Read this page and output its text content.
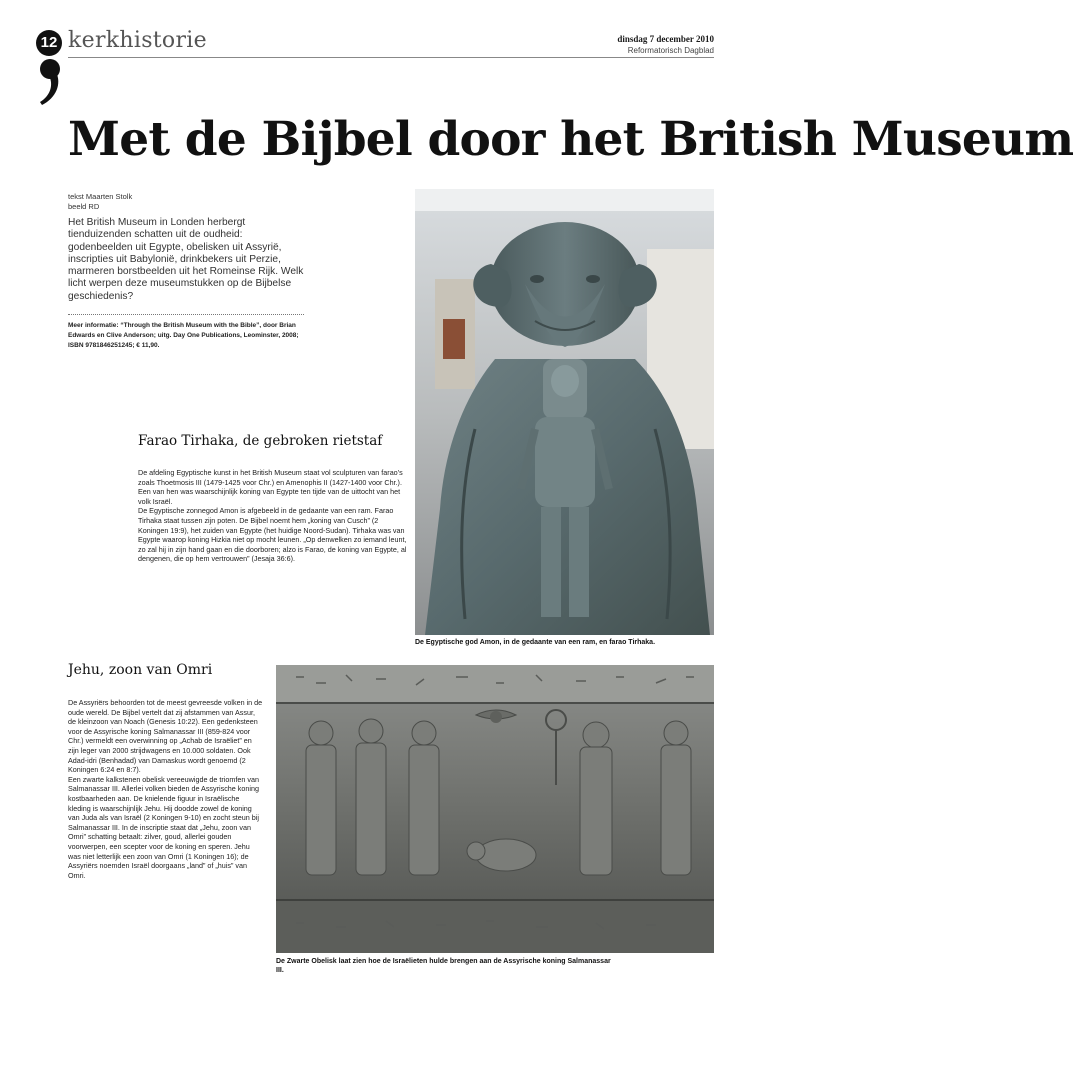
12 kerkhistorie	dinsdag 7 december 2010
Reformatorisch Dagblad
Met de Bijbel door het British Museum
tekst Maarten Stolk
beeld RD
Het British Museum in Londen herbergt tienduizenden schatten uit de oudheid: godenbeelden uit Egypte, obelisken uit Assyrië, inscripties uit Babylonië, drinkbekers uit Perzie, marmeren borstbeelden uit het Romeinse Rijk. Welk licht werpen deze museumstukken op de Bijbelse geschiedenis?
Meer informatie: “Through the British Museum with the Bible”, door Brian Edwards en Clive Anderson; uitg. Day One Publications, Leominster, 2008; ISBN 9781846251245; € 11,90.
De Egyptische god Amon, in de gedaante van een ram, en farao Tirhaka.
Farao Tirhaka, de gebroken rietstaf

De afdeling Egyptische kunst in het British Museum staat vol sculpturen van farao’s zoals Thoetmosis III (1479-1425 voor Chr.) en Amenophis II (1427-1400 voor Chr.). Een van hen was waarschijnlijk koning van Egypte ten tijde van de uittocht van het volk Israël.

De Egyptische zonnegod Amon is afgebeeld in de gedaante van een ram. Farao Tirhaka staat tussen zijn poten. De Bijbel noemt hem „koning van Cusch” (2 Koningen 19:9), het zuiden van Egypte (het huidige Noord-Sudan). Tirhaka was van Egypte waarop koning Hizkia niet op mocht leunen. „Op denwelken zo iemand leunt, zo zal hij in zijn hand gaan en die doorboren; alzo is Farao, de koning van Egypte, al dengenen, die op hem vertrouwen” (Jesaja 36:6).

Jehu, zoon van Omri

De Assyriërs behoorden tot de meest gevreesde volken in de oude wereld. De Bijbel vertelt dat zij afstammen van Assur, de kleinzoon van Noach (Genesis 10:22). Een gedenksteen voor de Assyrische koning Salmanassar III (859-824 voor Chr.) vermeldt een overwinning op „Achab de Israëliet” en zijn leger van 2000 strijdwagens en 10.000 soldaten. Ook Adad-idri (Benhadad) van Damaskus wordt genoemd (2 Koningen 6:24 en 8:7).

Een zwarte kalkstenen obelisk vereeuwigde de triomfen van Salmanassar III. Allerlei volken bieden de Assyrische koning kostbaarheden aan. De knielende figuur in Israëlische kleding is waarschijnlijk Jehu. Hij doodde zowel de koning van Juda als van Israël (2 Koningen 9-10) en zocht steun bij Salmanassar III. In de inscriptie staat dat „Jehu, zoon van Omri” schatting betaalt: zilver, goud, allerlei gouden voorwerpen, een scepter voor de koning en speren. Jehu was niet letterlijk een zoon van Omri (1 Koningen 16); de Assyriërs noemden Israël doorgaans „land” of „huis” van Omri.

De Zwarte Obelisk laat zien hoe de Israëlieten hulde brengen aan de Assyrische koning Salmanassar III.
